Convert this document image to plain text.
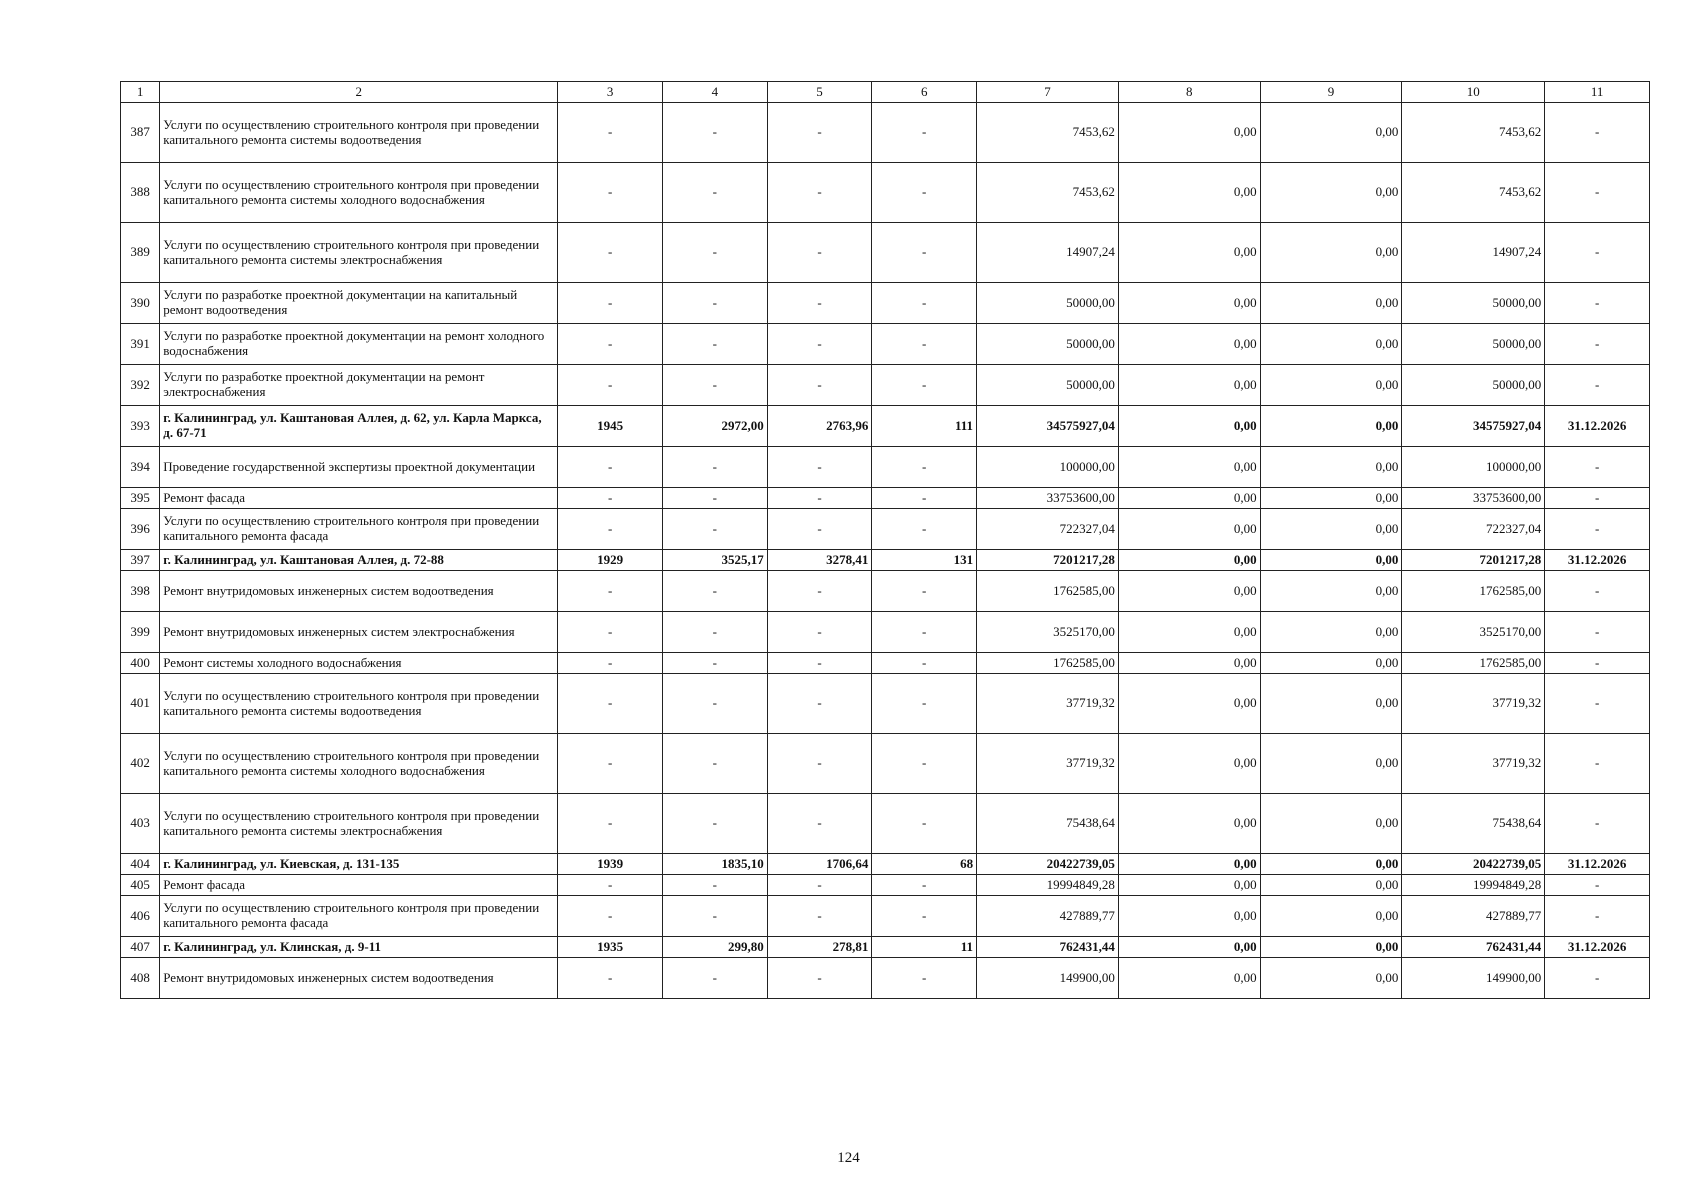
1	2	3	4	5	6	7	8	9	10	11
387	Услуги по осуществлению строительного контроля при проведении капитального ремонта системы водоотведения	-	-	-	-	7453,62	0,00	0,00	7453,62	-
388	Услуги по осуществлению строительного контроля при проведении капитального ремонта системы холодного водоснабжения	-	-	-	-	7453,62	0,00	0,00	7453,62	-
389	Услуги по осуществлению строительного контроля при проведении капитального ремонта системы электроснабжения	-	-	-	-	14907,24	0,00	0,00	14907,24	-
390	Услуги по разработке проектной документации на капитальный ремонт водоотведения	-	-	-	-	50000,00	0,00	0,00	50000,00	-
391	Услуги по разработке проектной документации на ремонт холодного водоснабжения	-	-	-	-	50000,00	0,00	0,00	50000,00	-
392	Услуги по разработке проектной документации на ремонт электроснабжения	-	-	-	-	50000,00	0,00	0,00	50000,00	-
393	г. Калининград, ул. Каштановая Аллея, д. 62, ул. Карла Маркса, д. 67-71	1945	2972,00	2763,96	111	34575927,04	0,00	0,00	34575927,04	31.12.2026
394	Проведение государственной экспертизы проектной документации	-	-	-	-	100000,00	0,00	0,00	100000,00	-
395	Ремонт фасада	-	-	-	-	33753600,00	0,00	0,00	33753600,00	-
396	Услуги по осуществлению строительного контроля при проведении капитального ремонта фасада	-	-	-	-	722327,04	0,00	0,00	722327,04	-
397	г. Калининград, ул. Каштановая Аллея, д. 72-88	1929	3525,17	3278,41	131	7201217,28	0,00	0,00	7201217,28	31.12.2026
398	Ремонт внутридомовых инженерных систем водоотведения	-	-	-	-	1762585,00	0,00	0,00	1762585,00	-
399	Ремонт внутридомовых инженерных систем электроснабжения	-	-	-	-	3525170,00	0,00	0,00	3525170,00	-
400	Ремонт системы холодного водоснабжения	-	-	-	-	1762585,00	0,00	0,00	1762585,00	-
401	Услуги по осуществлению строительного контроля при проведении капитального ремонта системы водоотведения	-	-	-	-	37719,32	0,00	0,00	37719,32	-
402	Услуги по осуществлению строительного контроля при проведении капитального ремонта системы холодного водоснабжения	-	-	-	-	37719,32	0,00	0,00	37719,32	-
403	Услуги по осуществлению строительного контроля при проведении капитального ремонта системы электроснабжения	-	-	-	-	75438,64	0,00	0,00	75438,64	-
404	г. Калининград, ул. Киевская, д. 131-135	1939	1835,10	1706,64	68	20422739,05	0,00	0,00	20422739,05	31.12.2026
405	Ремонт фасада	-	-	-	-	19994849,28	0,00	0,00	19994849,28	-
406	Услуги по осуществлению строительного контроля при проведении капитального ремонта фасада	-	-	-	-	427889,77	0,00	0,00	427889,77	-
407	г. Калининград, ул. Клинская, д. 9-11	1935	299,80	278,81	11	762431,44	0,00	0,00	762431,44	31.12.2026
408	Ремонт внутридомовых инженерных систем водоотведения	-	-	-	-	149900,00	0,00	0,00	149900,00	-
124
